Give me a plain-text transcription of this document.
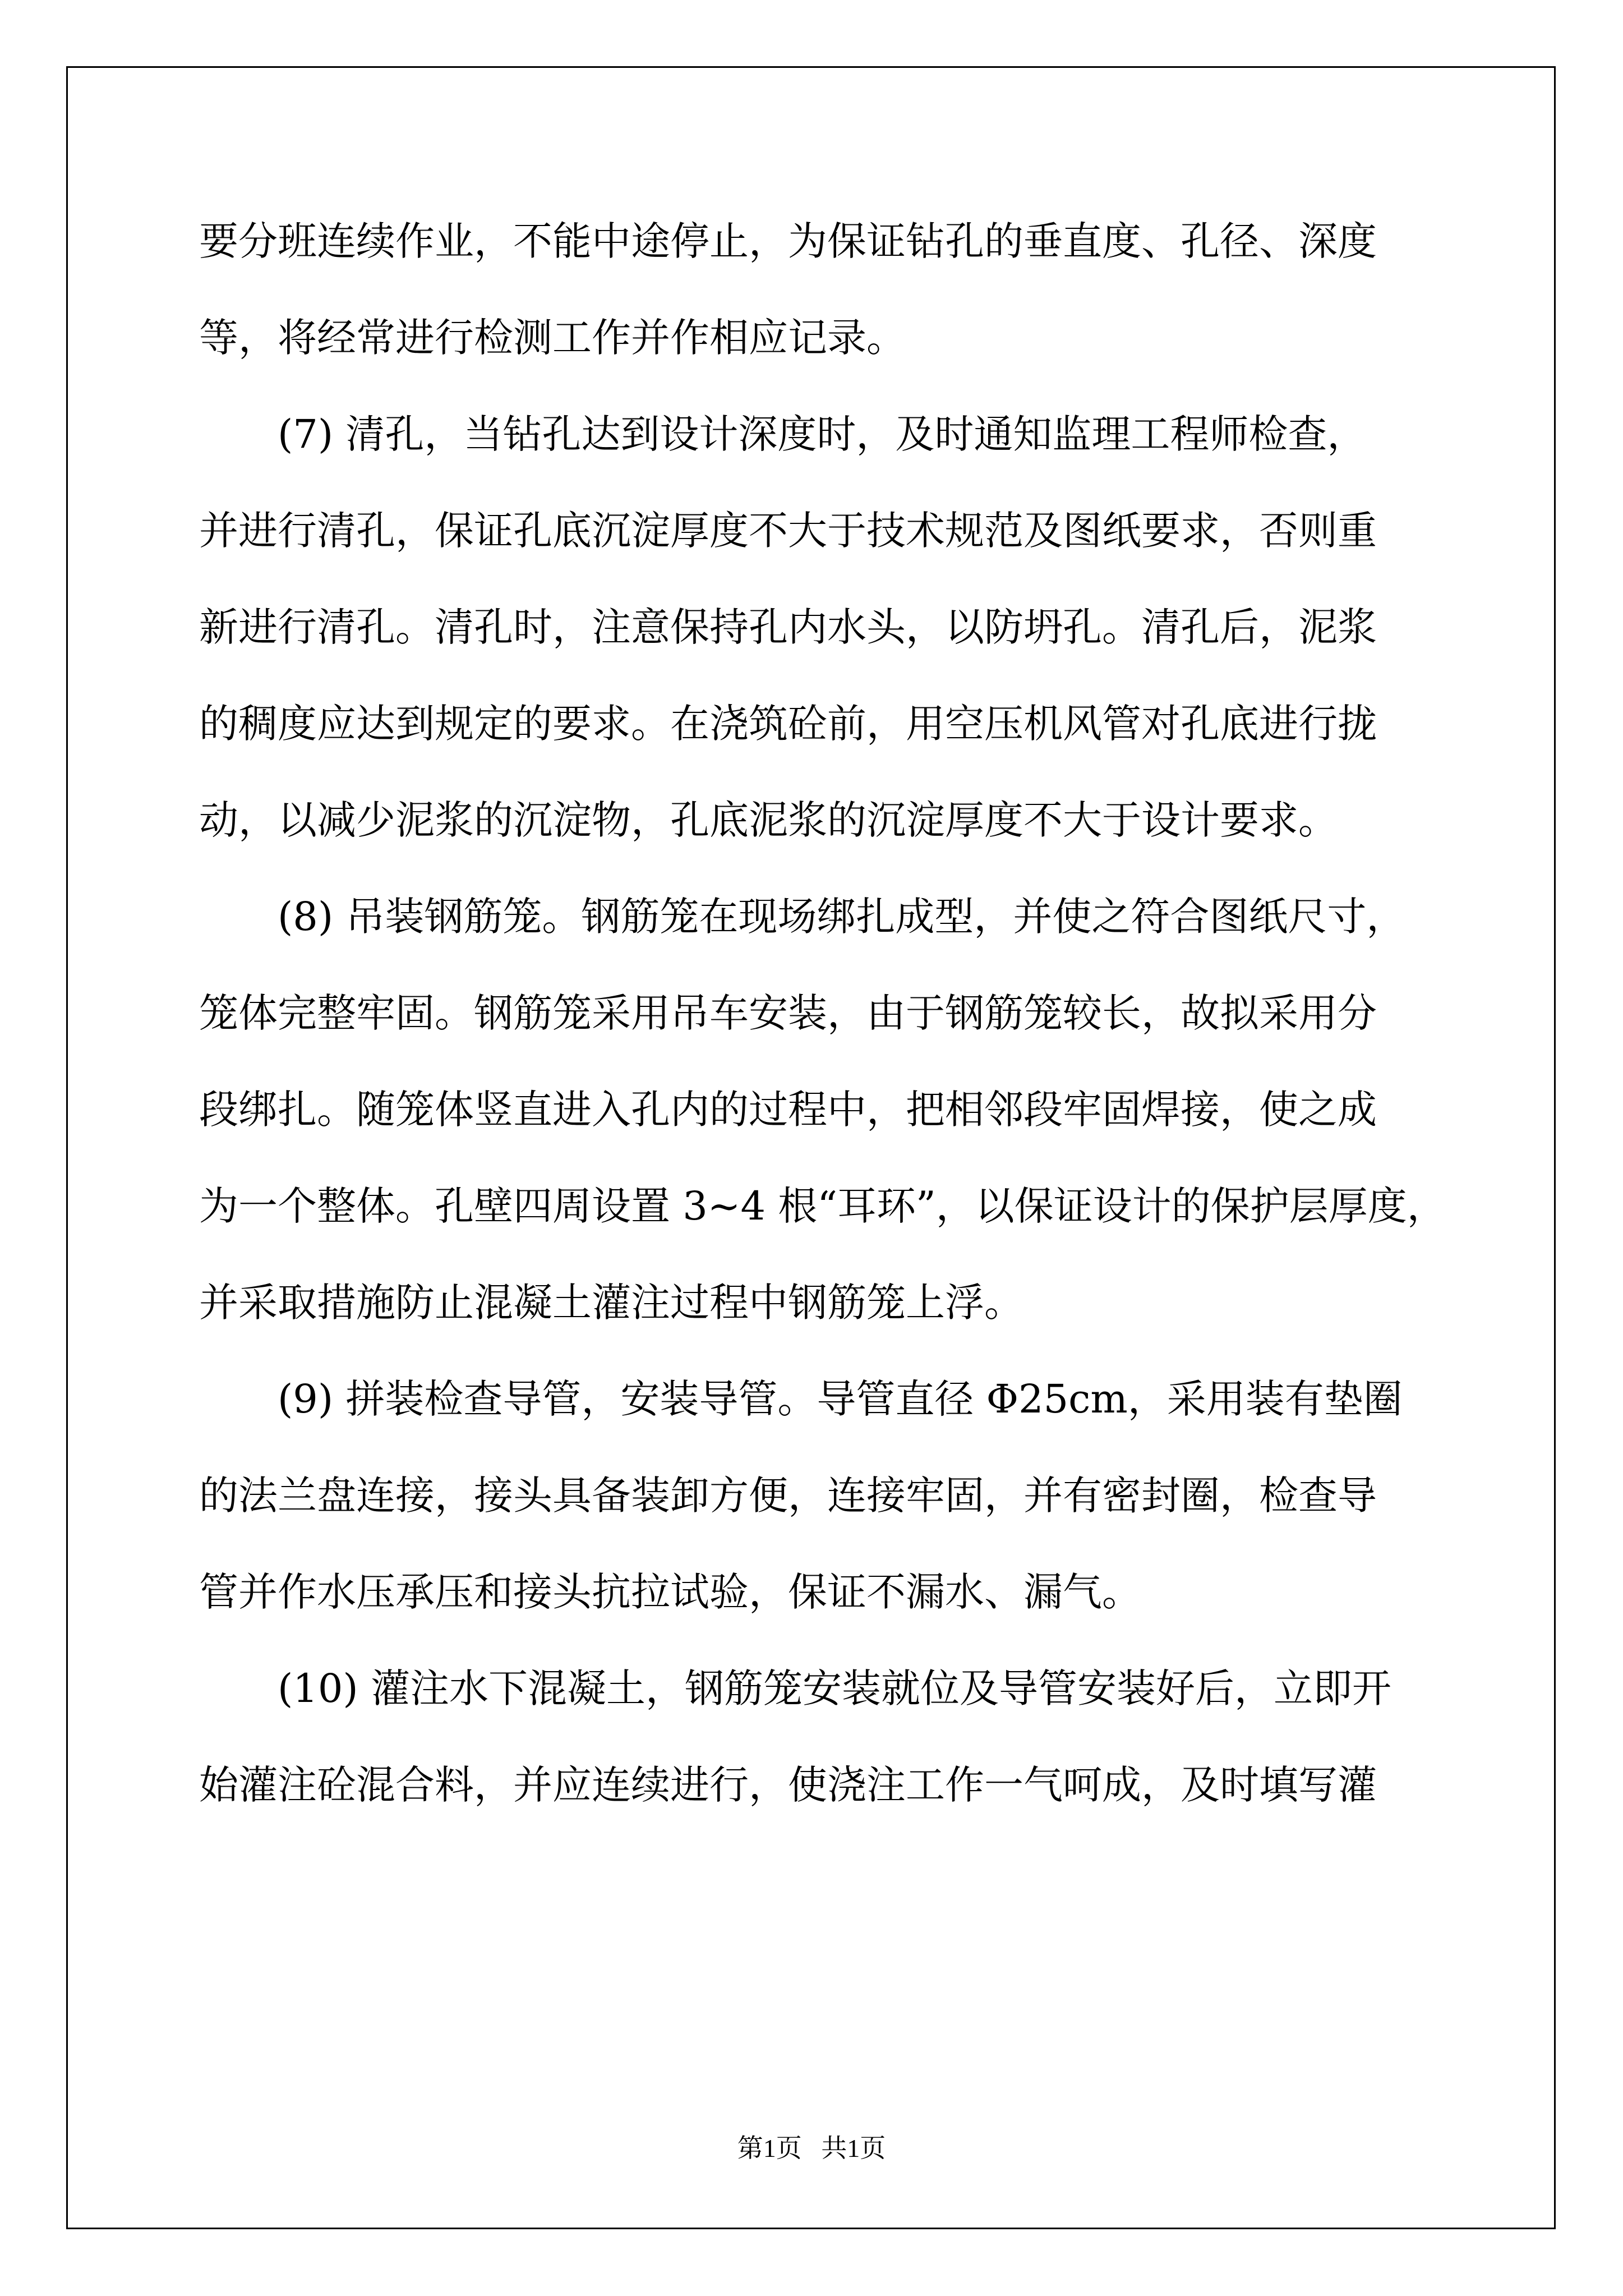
要分班连续作业，不能中途停止，为保证钻孔的垂直度、孔径、深度
等，将经常进行检测工作并作相应记录。
(7) 清孔，当钻孔达到设计深度时，及时通知监理工程师检查，
并进行清孔，保证孔底沉淀厚度不大于技术规范及图纸要求，否则重
新进行清孔。清孔时，注意保持孔内水头，以防坍孔。清孔后，泥浆
的稠度应达到规定的要求。在浇筑砼前，用空压机风管对孔底进行拢
动，以减少泥浆的沉淀物，孔底泥浆的沉淀厚度不大于设计要求。
(8) 吊装钢筋笼。钢筋笼在现场绑扎成型，并使之符合图纸尺寸，
笼体完整牢固。钢筋笼采用吊车安装，由于钢筋笼较长，故拟采用分
段绑扎。随笼体竖直进入孔内的过程中，把相邻段牢固焊接，使之成
为一个整体。孔壁四周设置 3~4 根“耳环”，以保证设计的保护层厚度，
并采取措施防止混凝土灌注过程中钢筋笼上浮。
(9) 拼装检查导管，安装导管。导管直径 Φ25cm，采用装有垫圈
的法兰盘连接，接头具备装卸方便，连接牢固，并有密封圈，检查导
管并作水压承压和接头抗拉试验，保证不漏水、漏气。
(10) 灌注水下混凝土，钢筋笼安装就位及导管安装好后，立即开
始灌注砼混合料，并应连续进行，使浇注工作一气呵成，及时填写灌
第1页   共1页
